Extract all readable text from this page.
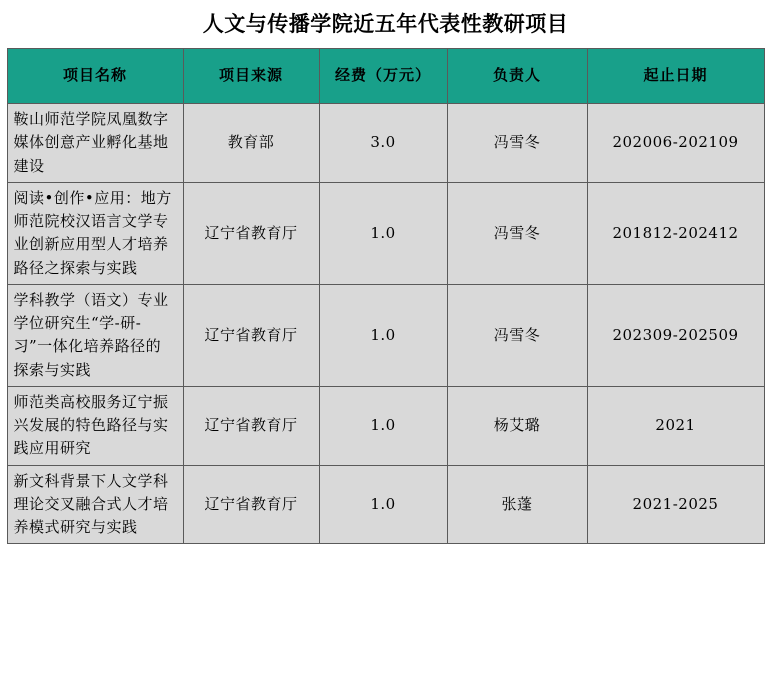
人文与传播学院近五年代表性教研项目
项目名称	项目来源	经费（万元）	负责人	起止日期
鞍山师范学院凤凰数字媒体创意产业孵化基地建设	教育部	3.0	冯雪冬	202006-202109
阅读•创作•应用：地方师范院校汉语言文学专业创新应用型人才培养路径之探索与实践	辽宁省教育厅	1.0	冯雪冬	201812-202412
学科教学（语文）专业学位研究生“学-研-习”一体化培养路径的探索与实践	辽宁省教育厅	1.0	冯雪冬	202309-202509
师范类高校服务辽宁振兴发展的特色路径与实践应用研究	辽宁省教育厅	1.0	杨艾璐	2021
新文科背景下人文学科理论交叉融合式人才培养模式研究与实践	辽宁省教育厅	1.0	张蓬	2021-2025
